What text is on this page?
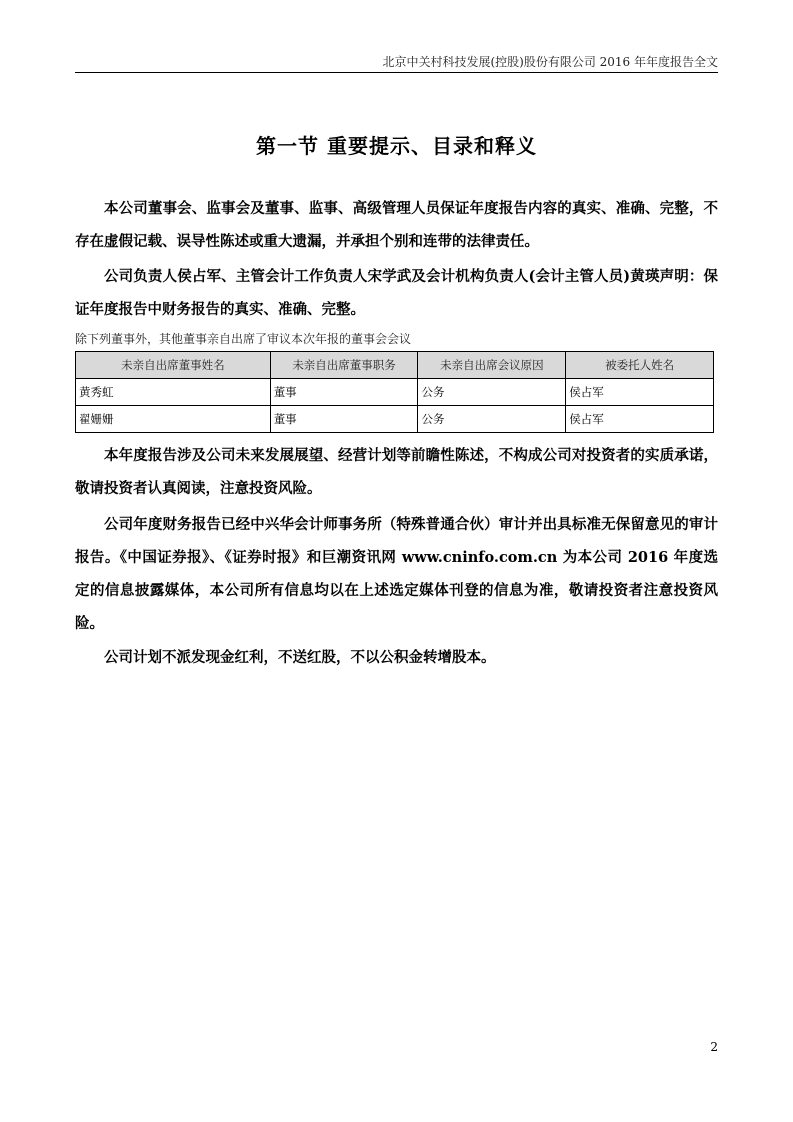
北京中关村科技发展(控股)股份有限公司 2016 年年度报告全文
第一节 重要提示、目录和释义

本公司董事会、监事会及董事、监事、高级管理人员保证年度报告内容的真实、准确、完整，不存在虚假记载、误导性陈述或重大遗漏，并承担个别和连带的法律责任。

公司负责人侯占军、主管会计工作负责人宋学武及会计机构负责人(会计主管人员)黄瑛声明：保证年度报告中财务报告的真实、准确、完整。

除下列董事外，其他董事亲自出席了审议本次年报的董事会会议
未亲自出席董事姓名	未亲自出席董事职务	未亲自出席会议原因	被委托人姓名
黄秀虹	董事	公务	侯占军
翟姗姗	董事	公务	侯占军

本年度报告涉及公司未来发展展望、经营计划等前瞻性陈述，不构成公司对投资者的实质承诺，敬请投资者认真阅读，注意投资风险。

公司年度财务报告已经中兴华会计师事务所（特殊普通合伙）审计并出具标准无保留意见的审计报告。《中国证券报》、《证券时报》和巨潮资讯网 www.cninfo.com.cn 为本公司 2016 年度选定的信息披露媒体，本公司所有信息均以在上述选定媒体刊登的信息为准，敬请投资者注意投资风险。

公司计划不派发现金红利，不送红股，不以公积金转增股本。

2
